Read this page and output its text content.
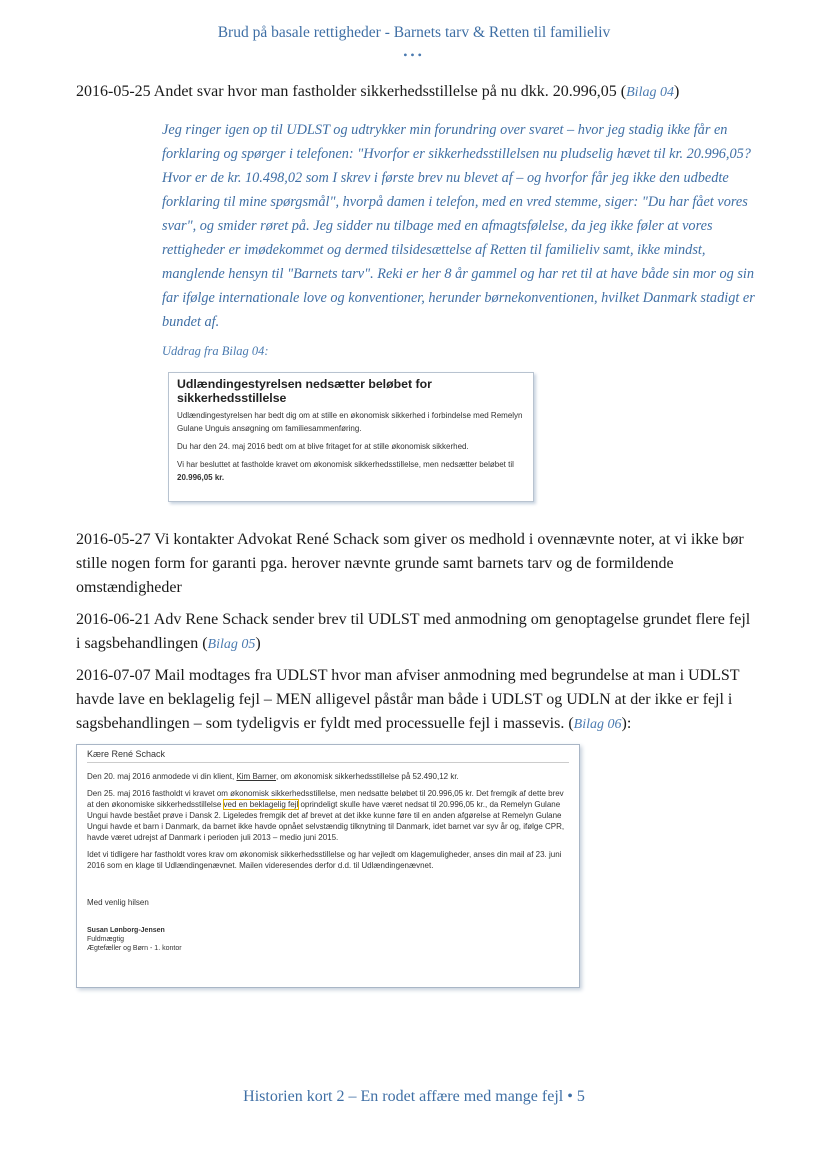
Brud på basale rettigheder - Barnets tarv & Retten til familieliv
•••
2016-05-25 Andet svar hvor man fastholder sikkerhedsstillelse på nu dkk. 20.996,05 (Bilag 04)
Jeg ringer igen op til UDLST og udtrykker min forundring over svaret – hvor jeg stadig ikke får en forklaring og spørger i telefonen: "Hvorfor er sikkerhedsstillelsen nu pludselig hævet til kr. 20.996,05? Hvor er de kr. 10.498,02 som I skrev i første brev nu blevet af – og hvorfor får jeg ikke den udbedte forklaring til mine spørgsmål", hvorpå damen i telefon, med en vred stemme, siger: "Du har fået vores svar", og smider røret på. Jeg sidder nu tilbage med en afmagtsfølelse, da jeg ikke føler at vores rettigheder er imødekommet og dermed tilsidesættelse af Retten til familieliv samt, ikke mindst, manglende hensyn til "Barnets tarv". Reki er her 8 år gammel og har ret til at have både sin mor og sin far ifølge internationale love og konventioner, herunder børnekonventionen, hvilket Danmark stadigt er bundet af.
Uddrag fra Bilag 04:
Udlændingestyrelsen nedsætter beløbet for sikkerhedsstillelse

Udlændingestyrelsen har bedt dig om at stille en økonomisk sikkerhed i forbindelse med Remelyn Gulane Unguis ansøgning om familiesammenføring.

Du har den 24. maj 2016 bedt om at blive fritaget for at stille økonomisk sikkerhed.

Vi har besluttet at fastholde kravet om økonomisk sikkerhedsstillelse, men nedsætter beløbet til 20.996,05 kr.

2016-05-27 Vi kontakter Advokat René Schack som giver os medhold i ovennævnte noter, at vi ikke bør stille nogen form for garanti pga. herover nævnte grunde samt barnets tarv og de formildende omstændigheder
2016-06-21 Adv Rene Schack sender brev til UDLST med anmodning om genoptagelse grundet flere fejl i sagsbehandlingen (Bilag 05)
2016-07-07 Mail modtages fra UDLST hvor man afviser anmodning med begrundelse at man i UDLST havde lave en beklagelig fejl – MEN alligevel påstår man både i UDLST og UDLN at der ikke er fejl i sagsbehandlingen – som tydeligvis er fyldt med processuelle fejl i massevis. (Bilag 06):
Kære René Schack

Den 20. maj 2016 anmodede vi din klient, Kim Barner, om økonomisk sikkerhedsstillelse på 52.490,12 kr.

Den 25. maj 2016 fastholdt vi kravet om økonomisk sikkerhedsstillelse, men nedsatte beløbet til 20.996,05 kr. Det fremgik af dette brev at den økonomiske sikkerhedsstillelse ved en beklagelig fejl oprindeligt skulle have været nedsat til 20.996,05 kr., da Remelyn Gulane Ungui havde bestået prøve i Dansk 2. Ligeledes fremgik det af brevet at det ikke kunne føre til en anden afgørelse at Remelyn Gulane Ungui havde et barn i Danmark, da barnet ikke havde opnået selvstændig tilknytning til Danmark, idet barnet var syv år og, ifølge CPR, havde været udrejst af Danmark i perioden juli 2013 – medio juni 2015.

Idet vi tidligere har fastholdt vores krav om økonomisk sikkerhedsstillelse og har vejledt om klagemuligheder, anses din mail af 23. juni 2016 som en klage til Udlændingenævnet. Mailen videresendes derfor d.d. til Udlændingenævnet.

Med venlig hilsen

Susan Lønborg-Jensen
Fuldmægtig
Ægtefæller og Børn - 1. kontor

Historien kort 2 – En rodet affære med mange fejl • 5
